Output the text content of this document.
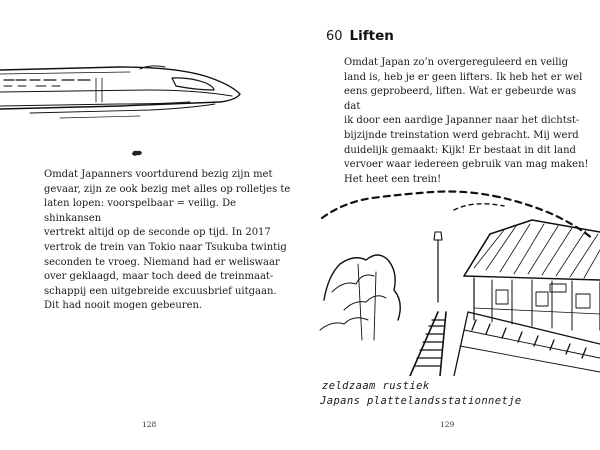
Omdat Japanners voortdurend bezig zijn met
gevaar, zijn ze ook bezig met alles op rolletjes te
laten lopen: voorspelbaar = veilig. De shinkansen
vertrekt altijd op de seconde op tijd. In 2017
vertrok de trein van Tokio naar Tsukuba twintig
seconden te vroeg. Niemand had er weliswaar
over geklaagd, maar toch deed de treinmaat-
schappij een uitgebreide excuusbrief uitgaan.
Dit had nooit mogen gebeuren.

128
60 Liften

Omdat Japan zo’n overgereguleerd en veilig
land is, heb je er geen lifters. Ik heb het er wel
eens geprobeerd, liften. Wat er gebeurde was dat
ik door een aardige Japanner naar het dichtst-
bijzijnde treinstation werd gebracht. Mij werd
duidelijk gemaakt: Kijk! Er bestaat in dit land
vervoer waar iedereen gebruik van mag maken!
Het heet een trein!

zeldzaam rustiek
Japans plattelandsstationnetje
129
